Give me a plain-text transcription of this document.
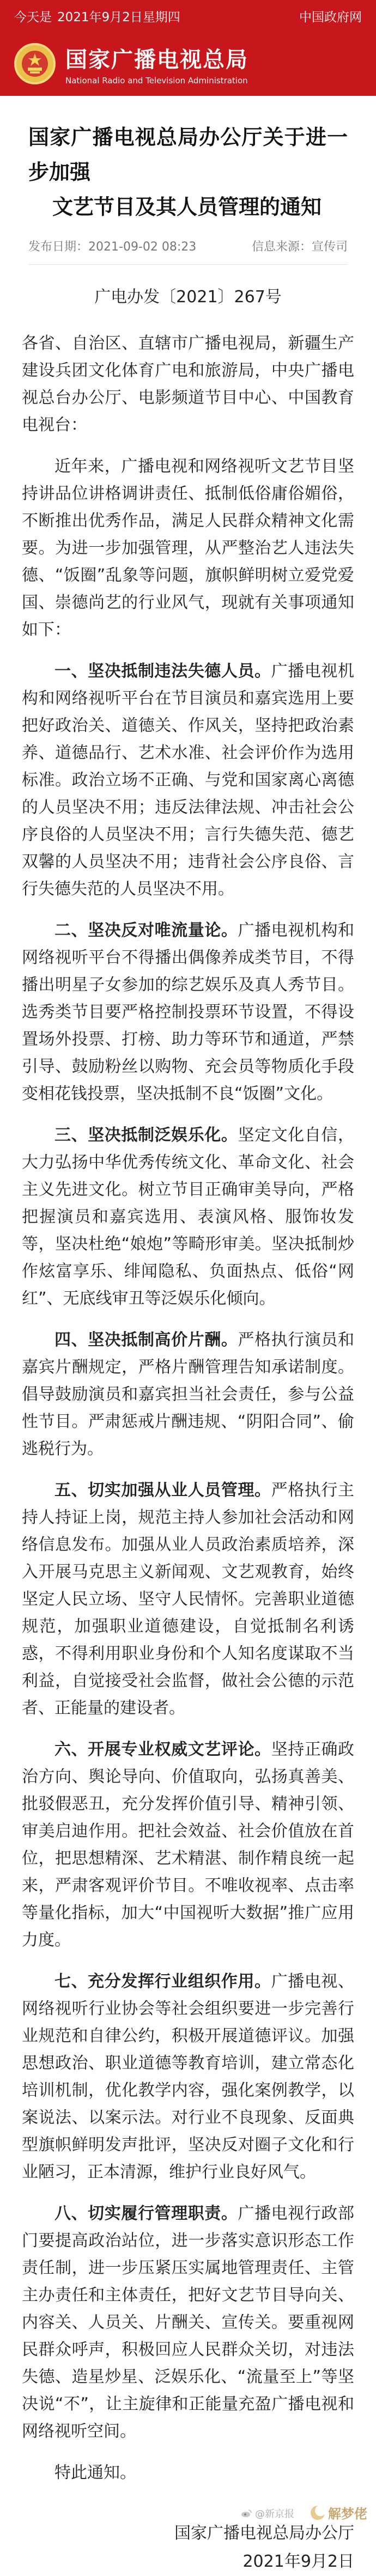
今天是 2021年9月2日星期四	中国政府网
国家广播电视总局
National Radio and Television Administration
国家广播电视总局办公厅关于进一步加强
文艺节目及其人员管理的通知
发布日期：2021-09-02 08:23	信息来源：宣传司
广电办发〔2021〕267号

各省、自治区、直辖市广播电视局，新疆生产建设兵团文化体育广电和旅游局，中央广播电视总台办公厅、电影频道节目中心、中国教育电视台：

近年来，广播电视和网络视听文艺节目坚持讲品位讲格调讲责任、抵制低俗庸俗媚俗，不断推出优秀作品，满足人民群众精神文化需要。为进一步加强管理，从严整治艺人违法失德、“饭圈”乱象等问题，旗帜鲜明树立爱党爱国、崇德尚艺的行业风气，现就有关事项通知如下：

一、坚决抵制违法失德人员。广播电视机构和网络视听平台在节目演员和嘉宾选用上要把好政治关、道德关、作风关，坚持把政治素养、道德品行、艺术水准、社会评价作为选用标准。政治立场不正确、与党和国家离心离德的人员坚决不用；违反法律法规、冲击社会公序良俗的人员坚决不用；言行失德失范、德艺双馨的人员坚决不用；违背社会公序良俗、言行失德失范的人员坚决不用。

二、坚决反对唯流量论。广播电视机构和网络视听平台不得播出偶像养成类节目，不得播出明星子女参加的综艺娱乐及真人秀节目。选秀类节目要严格控制投票环节设置，不得设置场外投票、打榜、助力等环节和通道，严禁引导、鼓励粉丝以购物、充会员等物质化手段变相花钱投票，坚决抵制不良“饭圈”文化。

三、坚决抵制泛娱乐化。坚定文化自信，大力弘扬中华优秀传统文化、革命文化、社会主义先进文化。树立节目正确审美导向，严格把握演员和嘉宾选用、表演风格、服饰妆发等，坚决杜绝“娘炮”等畸形审美。坚决抵制炒作炫富享乐、绯闻隐私、负面热点、低俗“网红”、无底线审丑等泛娱乐化倾向。

四、坚决抵制高价片酬。严格执行演员和嘉宾片酬规定，严格片酬管理告知承诺制度。倡导鼓励演员和嘉宾担当社会责任，参与公益性节目。严肃惩戒片酬违规、“阴阳合同”、偷逃税行为。

五、切实加强从业人员管理。严格执行主持人持证上岗，规范主持人参加社会活动和网络信息发布。加强从业人员政治素质培养，深入开展马克思主义新闻观、文艺观教育，始终坚定人民立场、坚守人民情怀。完善职业道德规范，加强职业道德建设，自觉抵制名利诱惑，不得利用职业身份和个人知名度谋取不当利益，自觉接受社会监督，做社会公德的示范者、正能量的建设者。

六、开展专业权威文艺评论。坚持正确政治方向、舆论导向、价值取向，弘扬真善美、批驳假恶丑，充分发挥价值引导、精神引领、审美启迪作用。把社会效益、社会价值放在首位，把思想精深、艺术精湛、制作精良统一起来，严肃客观评价节目。不唯收视率、点击率等量化指标，加大“中国视听大数据”推广应用力度。

七、充分发挥行业组织作用。广播电视、网络视听行业协会等社会组织要进一步完善行业规范和自律公约，积极开展道德评议。加强思想政治、职业道德等教育培训，建立常态化培训机制，优化教学内容，强化案例教学，以案说法、以案示法。对行业不良现象、反面典型旗帜鲜明发声批评，坚决反对圈子文化和行业陋习，正本清源，维护行业良好风气。

八、切实履行管理职责。广播电视行政部门要提高政治站位，进一步落实意识形态工作责任制，进一步压紧压实属地管理责任、主管主办责任和主体责任，把好文艺节目导向关、内容关、人员关、片酬关、宣传关。要重视网民群众呼声，积极回应人民群众关切，对违法失德、造星炒星、泛娱乐化、“流量至上”等坚决说“不”，让主旋律和正能量充盈广播电视和网络视听空间。

特此通知。

国家广播电视总局办公厅
2021年9月2日
@新京报	解梦佬
